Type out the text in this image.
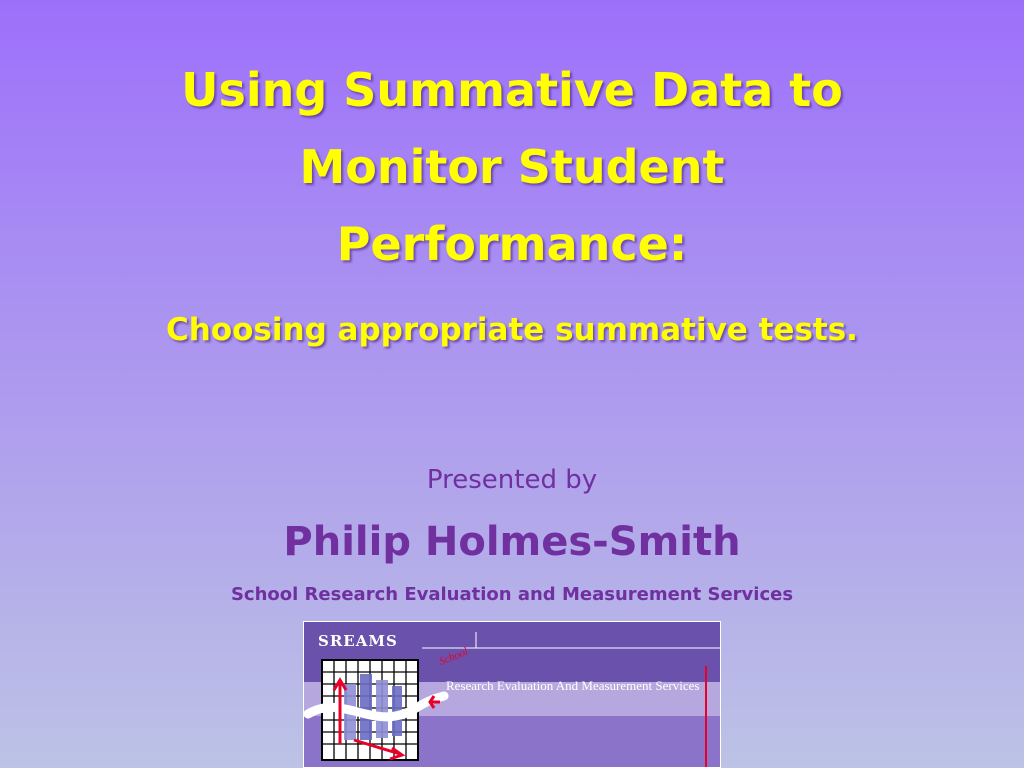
Using Summative Data to
Monitor Student
Performance:
Choosing appropriate summative tests.
Presented by
Philip Holmes-Smith
School Research Evaluation and Measurement Services
SREAMS
School
Research Evaluation And Measurement Services
